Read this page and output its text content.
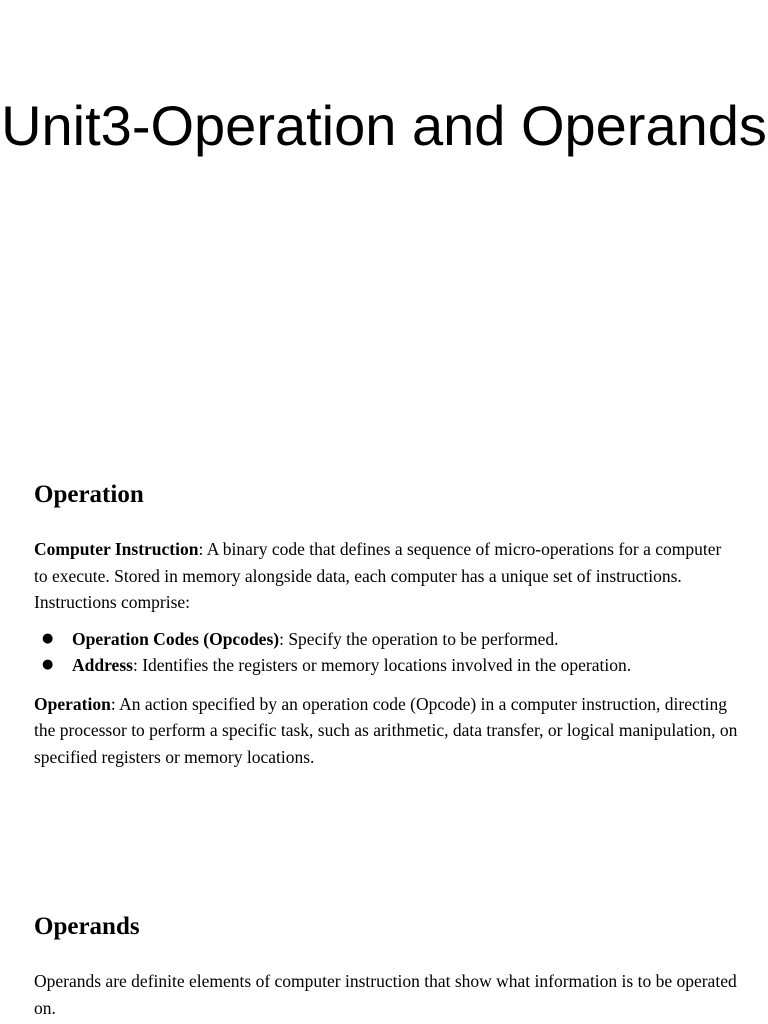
Unit3-Operation and Operands
Operation

Computer Instruction: A binary code that defines a sequence of micro-operations for a computer to execute. Stored in memory alongside data, each computer has a unique set of instructions. Instructions comprise:

● Operation Codes (Opcodes): Specify the operation to be performed.
● Address: Identifies the registers or memory locations involved in the operation.

Operation: An action specified by an operation code (Opcode) in a computer instruction, directing the processor to perform a specific task, such as arithmetic, data transfer, or logical manipulation, on specified registers or memory locations.

Operands

Operands are definite elements of computer instruction that show what information is to be operated on.
